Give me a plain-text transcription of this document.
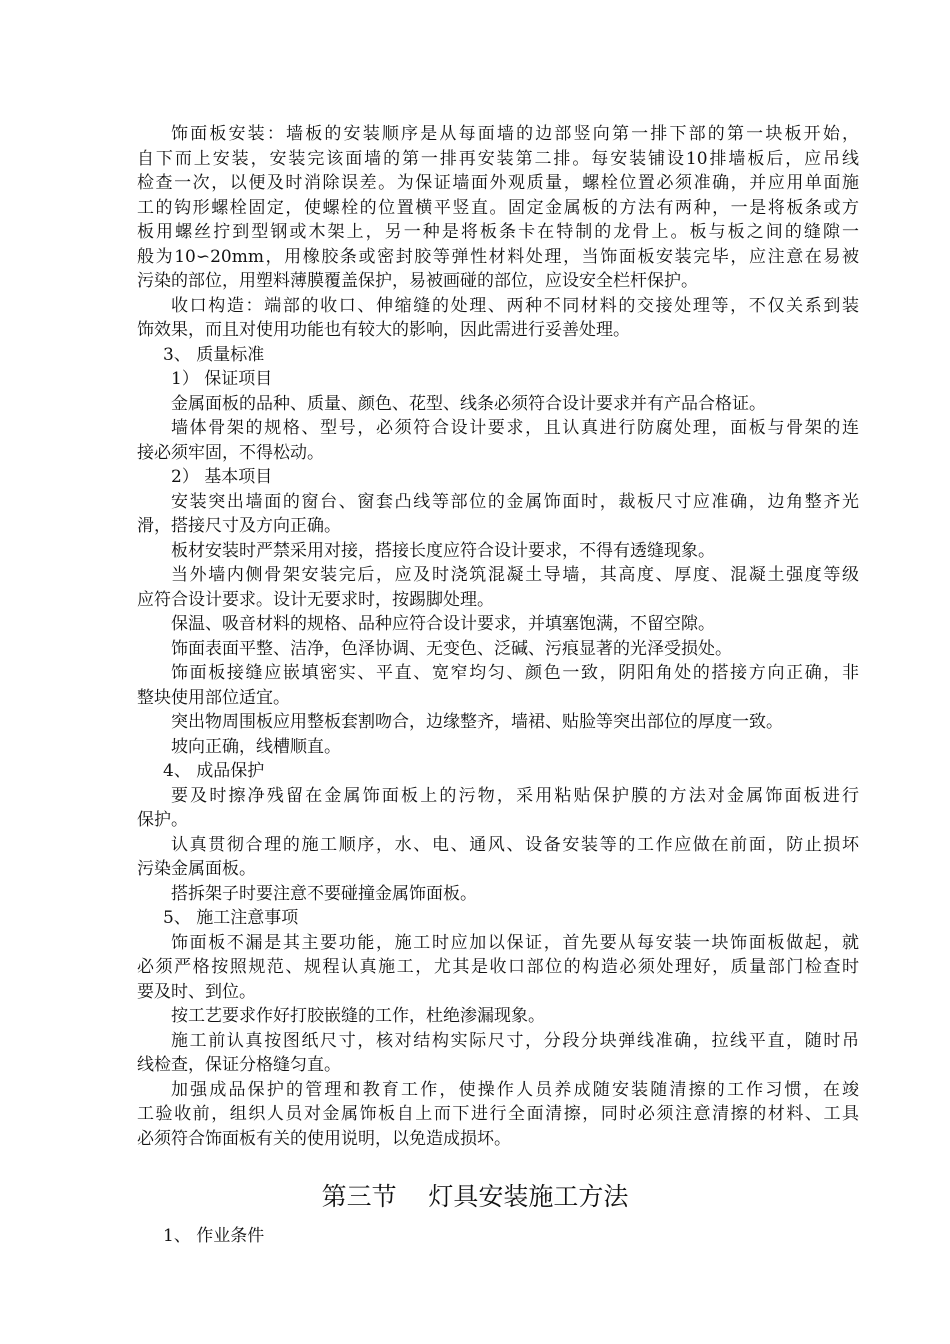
饰面板安装：墙板的安装顺序是从每面墙的边部竖向第一排下部的第一块板开始，
自下而上安装，安装完该面墙的第一排再安装第二排。每安装铺设10排墙板后，应吊线
检查一次，以便及时消除误差。为保证墙面外观质量，螺栓位置必须准确，并应用单面施
工的钩形螺栓固定，使螺栓的位置横平竖直。固定金属板的方法有两种，一是将板条或方
板用螺丝拧到型钢或木架上，另一种是将板条卡在特制的龙骨上。板与板之间的缝隙一
般为10∽20mm，用橡胶条或密封胶等弹性材料处理，当饰面板安装完毕，应注意在易被
污染的部位，用塑料薄膜覆盖保护，易被画碰的部位，应设安全栏杆保护。
收口构造：端部的收口、伸缩缝的处理、两种不同材料的交接处理等，不仅关系到装
饰效果，而且对使用功能也有较大的影响，因此需进行妥善处理。
3、 质量标准
1） 保证项目
金属面板的品种、质量、颜色、花型、线条必须符合设计要求并有产品合格证。
墙体骨架的规格、型号，必须符合设计要求，且认真进行防腐处理，面板与骨架的连
接必须牢固，不得松动。
2） 基本项目
安装突出墙面的窗台、窗套凸线等部位的金属饰面时，裁板尺寸应准确，边角整齐光
滑，搭接尺寸及方向正确。
板材安装时严禁采用对接，搭接长度应符合设计要求，不得有透缝现象。
当外墙内侧骨架安装完后，应及时浇筑混凝土导墙，其高度、厚度、混凝土强度等级
应符合设计要求。设计无要求时，按踢脚处理。
保温、吸音材料的规格、品种应符合设计要求，并填塞饱满，不留空隙。
饰面表面平整、洁净，色泽协调、无变色、泛碱、污痕显著的光泽受损处。
饰面板接缝应嵌填密实、平直、宽窄均匀、颜色一致，阴阳角处的搭接方向正确，非
整块使用部位适宜。
突出物周围板应用整板套割吻合，边缘整齐，墙裙、贴脸等突出部位的厚度一致。
坡向正确，线槽顺直。
4、 成品保护
要及时擦净残留在金属饰面板上的污物，采用粘贴保护膜的方法对金属饰面板进行
保护。
认真贯彻合理的施工顺序，水、电、通风、设备安装等的工作应做在前面，防止损坏
污染金属面板。
搭拆架子时要注意不要碰撞金属饰面板。
5、 施工注意事项
饰面板不漏是其主要功能，施工时应加以保证，首先要从每安装一块饰面板做起，就
必须严格按照规范、规程认真施工，尤其是收口部位的构造必须处理好，质量部门检查时
要及时、到位。
按工艺要求作好打胶嵌缝的工作，杜绝渗漏现象。
施工前认真按图纸尺寸，核对结构实际尺寸，分段分块弹线准确，拉线平直，随时吊
线检查，保证分格缝匀直。
加强成品保护的管理和教育工作，使操作人员养成随安装随清擦的工作习惯，在竣
工验收前，组织人员对金属饰板自上而下进行全面清擦，同时必须注意清擦的材料、工具
必须符合饰面板有关的使用说明，以免造成损坏。
第三节    灯具安装施工方法
1、 作业条件
